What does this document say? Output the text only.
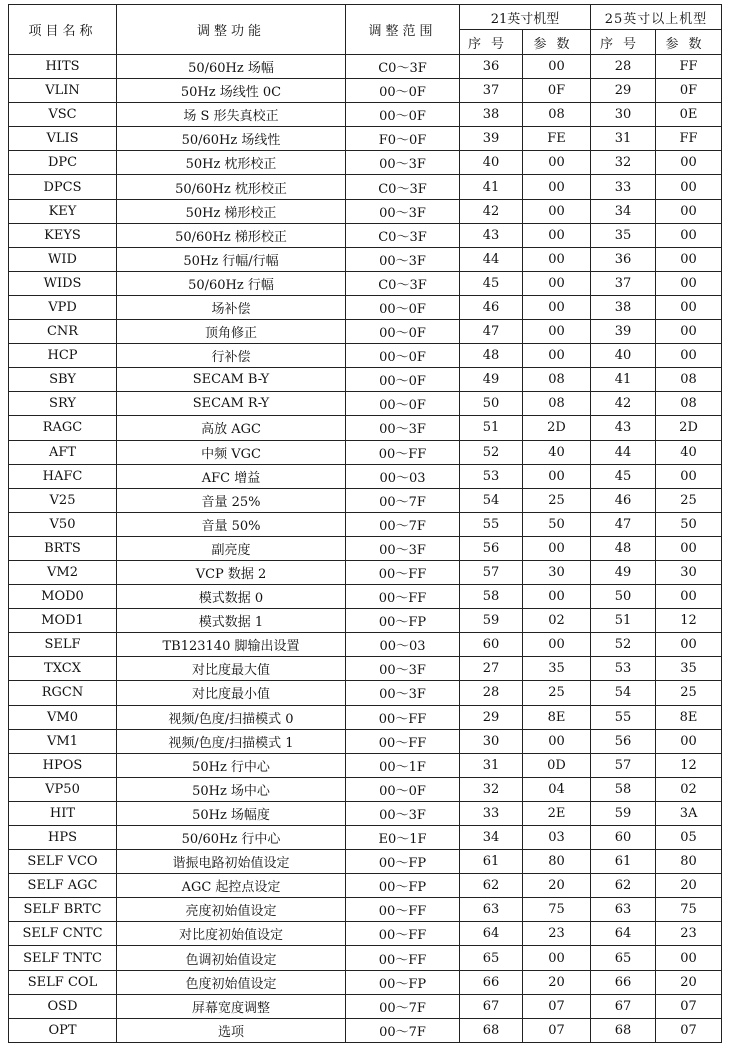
项目名称	调整功能	调整范围	21英寸机型		25英寸以上机型	
			序号	参数	序号	参数
HITS	50/60Hz 场幅	C0～3F	36	00	28	FF
VLIN	50Hz 场线性 0C	00～0F	37	0F	29	0F
VSC	场 S 形失真校正	00～0F	38	08	30	0E
VLIS	50/60Hz 场线性	F0～0F	39	FE	31	FF
DPC	50Hz 枕形校正	00～3F	40	00	32	00
DPCS	50/60Hz 枕形校正	C0～3F	41	00	33	00
KEY	50Hz 梯形校正	00～3F	42	00	34	00
KEYS	50/60Hz 梯形校正	C0～3F	43	00	35	00
WID	50Hz 行幅/行幅	00～3F	44	00	36	00
WIDS	50/60Hz 行幅	C0～3F	45	00	37	00
VPD	场补偿	00～0F	46	00	38	00
CNR	顶角修正	00～0F	47	00	39	00
HCP	行补偿	00～0F	48	00	40	00
SBY	SECAM B-Y	00～0F	49	08	41	08
SRY	SECAM R-Y	00～0F	50	08	42	08
RAGC	高放 AGC	00～3F	51	2D	43	2D
AFT	中频 VGC	00～FF	52	40	44	40
HAFC	AFC 增益	00～03	53	00	45	00
V25	音量 25%	00～7F	54	25	46	25
V50	音量 50%	00～7F	55	50	47	50
BRTS	副亮度	00～3F	56	00	48	00
VM2	VCP 数据 2	00～FF	57	30	49	30
MOD0	模式数据 0	00～FF	58	00	50	00
MOD1	模式数据 1	00～FP	59	02	51	12
SELF	TB123140 脚输出设置	00～03	60	00	52	00
TXCX	对比度最大值	00～3F	27	35	53	35
RGCN	对比度最小值	00～3F	28	25	54	25
VM0	视频/色度/扫描模式 0	00～FF	29	8E	55	8E
VM1	视频/色度/扫描模式 1	00～FF	30	00	56	00
HPOS	50Hz 行中心	00～1F	31	0D	57	12
VP50	50Hz 场中心	00～0F	32	04	58	02
HIT	50Hz 场幅度	00～3F	33	2E	59	3A
HPS	50/60Hz 行中心	E0～1F	34	03	60	05
SELF VCO	谐振电路初始值设定	00～FP	61	80	61	80
SELF AGC	AGC 起控点设定	00～FP	62	20	62	20
SELF BRTC	亮度初始值设定	00～FF	63	75	63	75
SELF CNTC	对比度初始值设定	00～FF	64	23	64	23
SELF TNTC	色调初始值设定	00～FF	65	00	65	00
SELF COL	色度初始值设定	00～FP	66	20	66	20
OSD	屏幕宽度调整	00～7F	67	07	67	07
OPT	选项	00～7F	68	07	68	07
